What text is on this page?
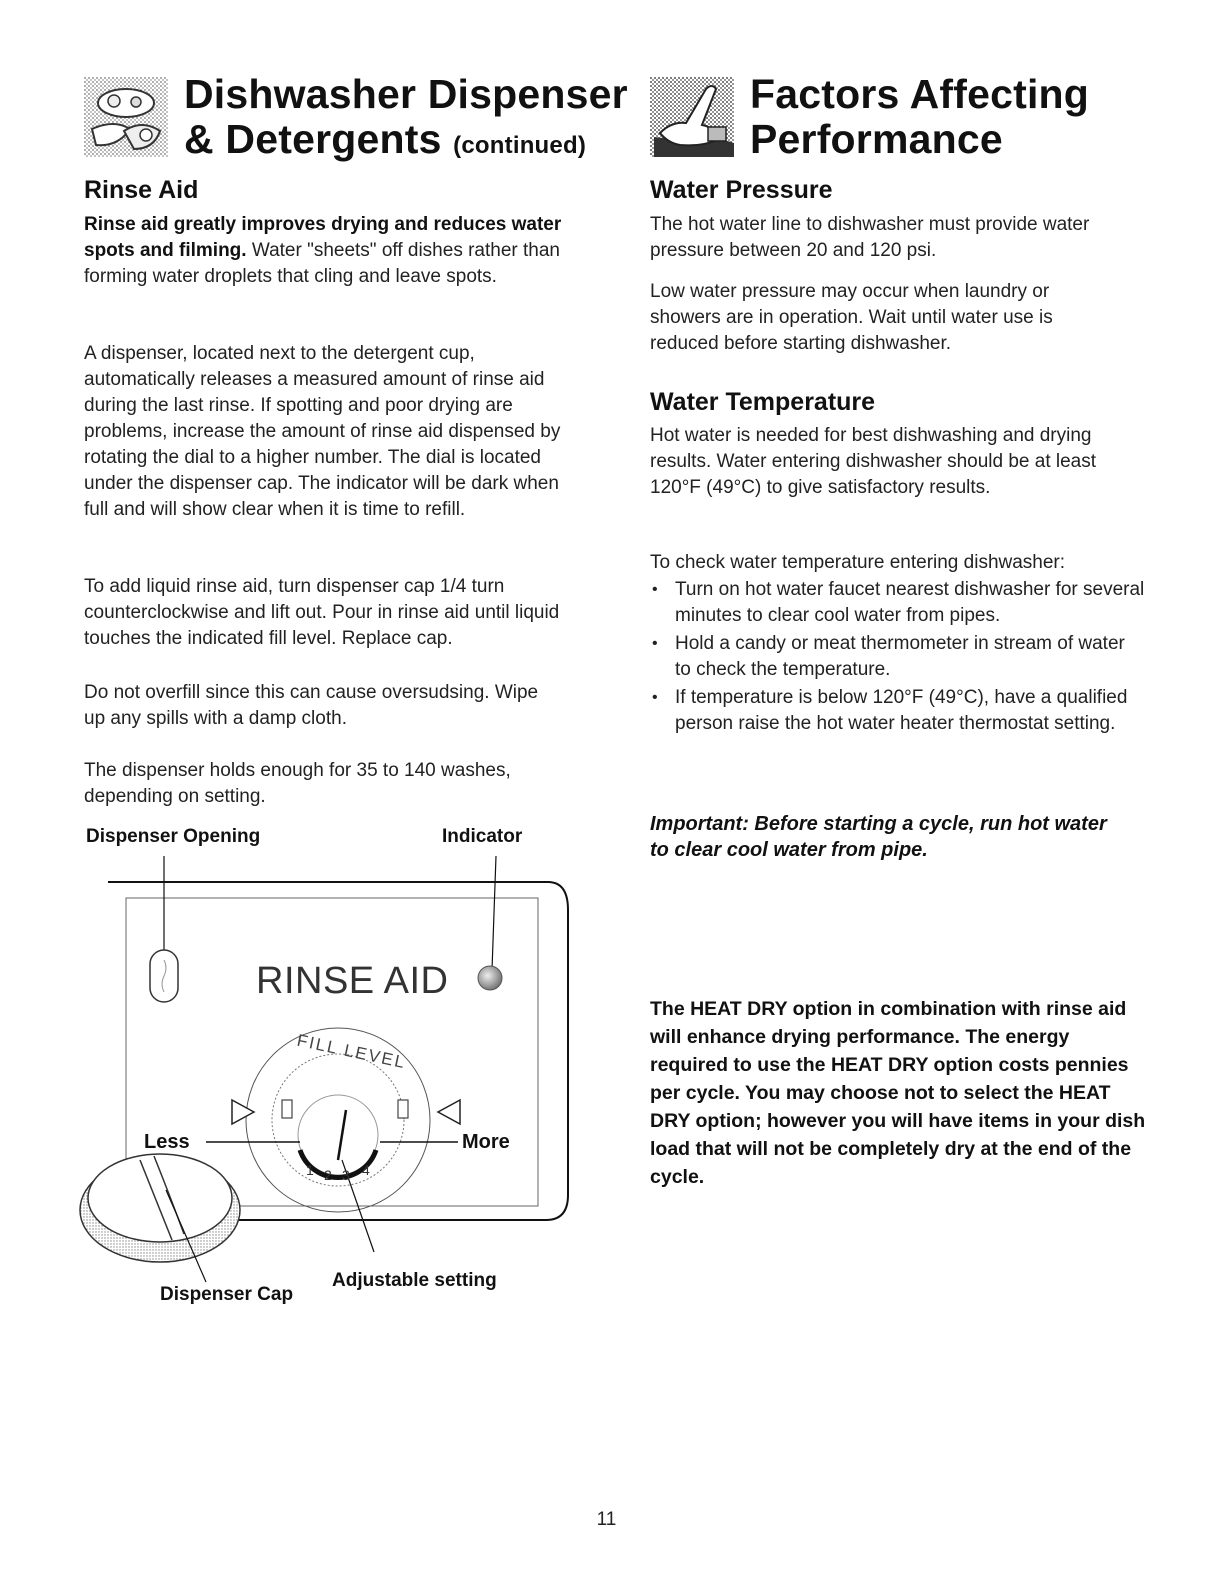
Dishwasher Dispenser
& Detergents (continued)
Rinse Aid

Rinse aid greatly improves drying and reduces water spots and filming. Water "sheets" off dishes rather than forming water droplets that cling and leave spots.

A dispenser, located next to the detergent cup, automatically releases a measured amount of rinse aid during the last rinse. If spotting and poor drying are problems, increase the amount of rinse aid dispensed by rotating the dial to a higher number. The dial is located under the dispenser cap. The indicator will be dark when full and will show clear when it is time to refill.

To add liquid rinse aid, turn dispenser cap 1/4 turn counterclockwise and lift out. Pour in rinse aid until liquid touches the indicated fill level. Replace cap.

Do not overfill since this can cause oversudsing. Wipe up any spills with a damp cloth.

The dispenser holds enough for 35 to 140 washes, depending on setting.

Dispenser Opening	Indicator
RINSE AID
FILL LEVEL
1 2 3 4
Less	More
Dispenser Cap
Adjustable setting
Factors Affecting
Performance
Water Pressure

The hot water line to dishwasher must provide water pressure between 20 and 120 psi.

Low water pressure may occur when laundry or showers are in operation. Wait until water use is reduced before starting dishwasher.

Water Temperature

Hot water is needed for best dishwashing and drying results. Water entering dishwasher should be at least 120°F (49°C) to give satisfactory results.

To check water temperature entering dishwasher:

• Turn on hot water faucet nearest dishwasher for several minutes to clear cool water from pipes.
• Hold a candy or meat thermometer in stream of water to check the temperature.
• If temperature is below 120°F (49°C), have a qualified person raise the hot water heater thermostat setting.

Important: Before starting a cycle, run hot water to clear cool water from pipe.

The HEAT DRY option in combination with rinse aid will enhance drying performance. The energy required to use the HEAT DRY option costs pennies per cycle. You may choose not to select the HEAT DRY option; however you will have items in your dish load that will not be completely dry at the end of the cycle.

11
